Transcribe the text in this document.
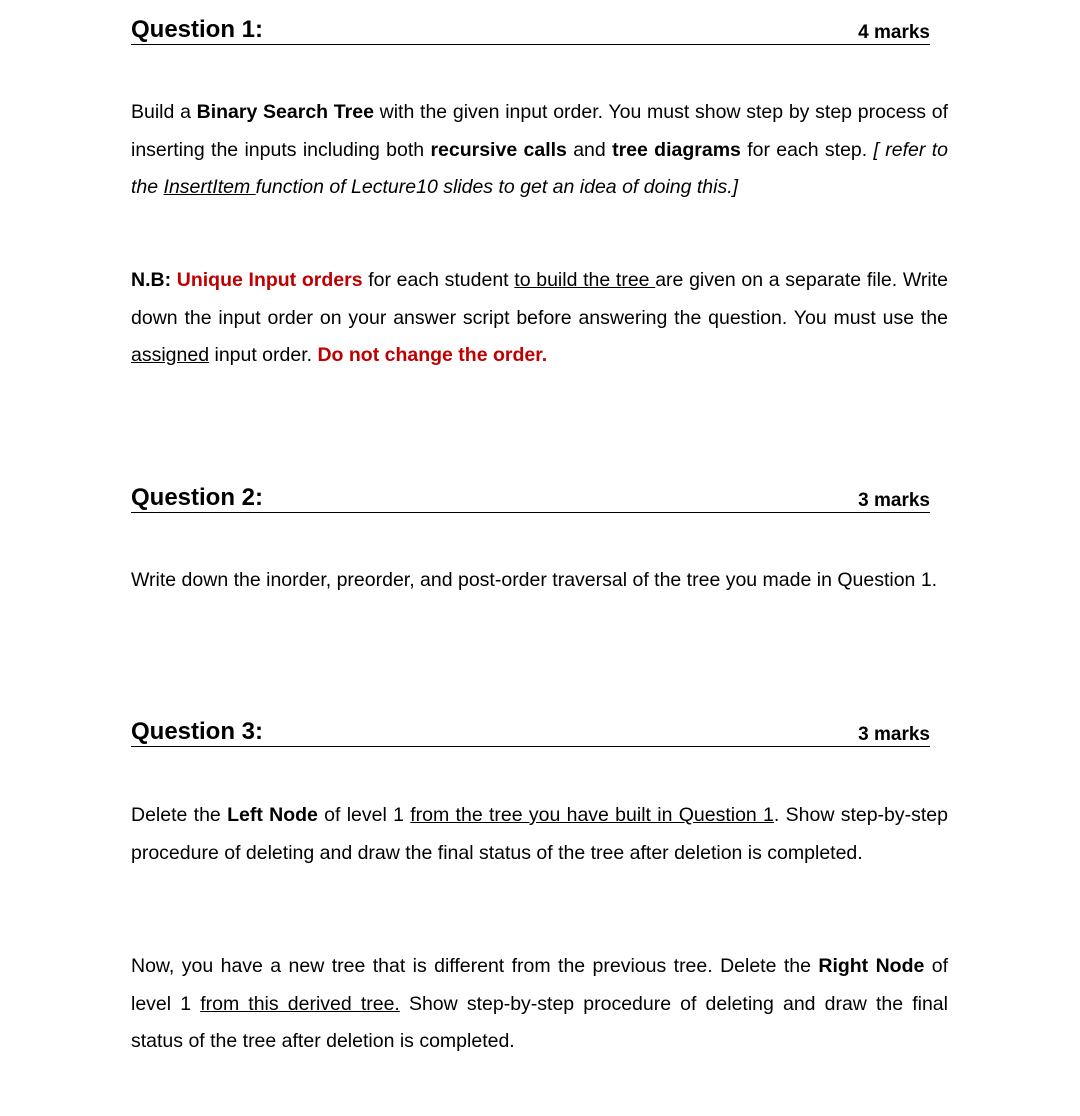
Question 1:	4 marks

Build a Binary Search Tree with the given input order. You must show step by step process of inserting the inputs including both recursive calls and tree diagrams for each step. [ refer to the InsertItem function of Lecture10 slides to get an idea of doing this.]

N.B: Unique Input orders for each student to build the tree are given on a separate file. Write down the input order on your answer script before answering the question. You must use the assigned input order. Do not change the order.

Question 2:	3 marks

Write down the inorder, preorder, and post-order traversal of the tree you made in Question 1.

Question 3:	3 marks

Delete the Left Node of level 1 from the tree you have built in Question 1. Show step-by-step procedure of deleting and draw the final status of the tree after deletion is completed.

Now, you have a new tree that is different from the previous tree. Delete the Right Node of level 1 from this derived tree. Show step-by-step procedure of deleting and draw the final status of the tree after deletion is completed.
